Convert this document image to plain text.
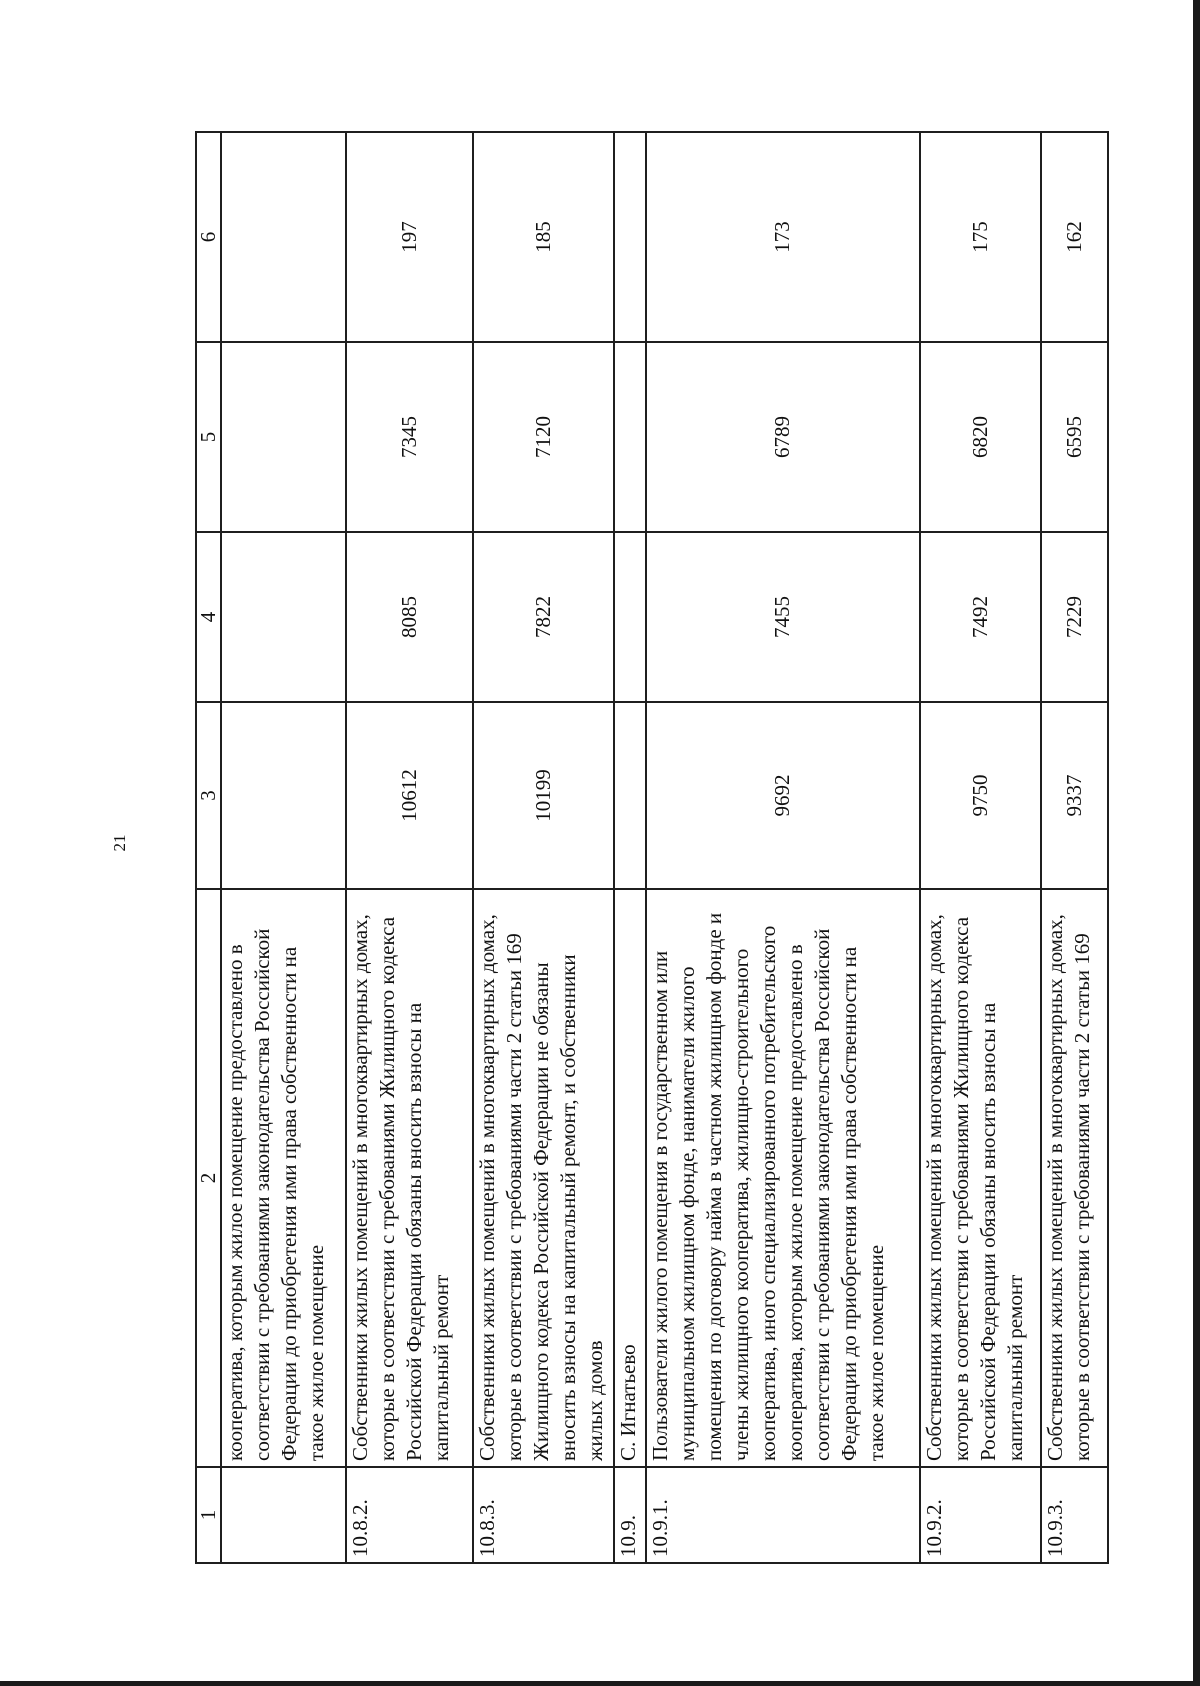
21
1	2	3	4	5	6
	кооператива, которым жилое помещение предоставлено в соответствии с требованиями законодательства Российской Федерации до приобретения ими права собственности на такое жилое помещение				
10.8.2.	Собственники жилых помещений в многоквартирных домах, которые в соответствии с требованиями Жилищного кодекса Российской Федерации обязаны вносить взносы на капитальный ремонт	10612	8085	7345	197
10.8.3.	Собственники жилых помещений в многоквартирных домах, которые в соответствии с требованиями части 2 статьи 169 Жилищного кодекса Российской Федерации не обязаны вносить взносы на капитальный ремонт, и собственники жилых домов	10199	7822	7120	185
10.9.	С. Игнатьево				
10.9.1.	Пользователи жилого помещения в государственном или муниципальном жилищном фонде, наниматели жилого помещения по договору найма в частном жилищном фонде и члены жилищного кооператива, жилищно-строительного кооператива, иного специализированного потребительского кооператива, которым жилое помещение предоставлено в соответствии с требованиями законодательства Российской Федерации до приобретения ими права собственности на такое жилое помещение	9692	7455	6789	173
10.9.2.	Собственники жилых помещений в многоквартирных домах, которые в соответствии с требованиями Жилищного кодекса Российской Федерации обязаны вносить взносы на капитальный ремонт	9750	7492	6820	175
10.9.3.	Собственники жилых помещений в многоквартирных домах, которые в соответствии с требованиями части 2 статьи 169	9337	7229	6595	162
